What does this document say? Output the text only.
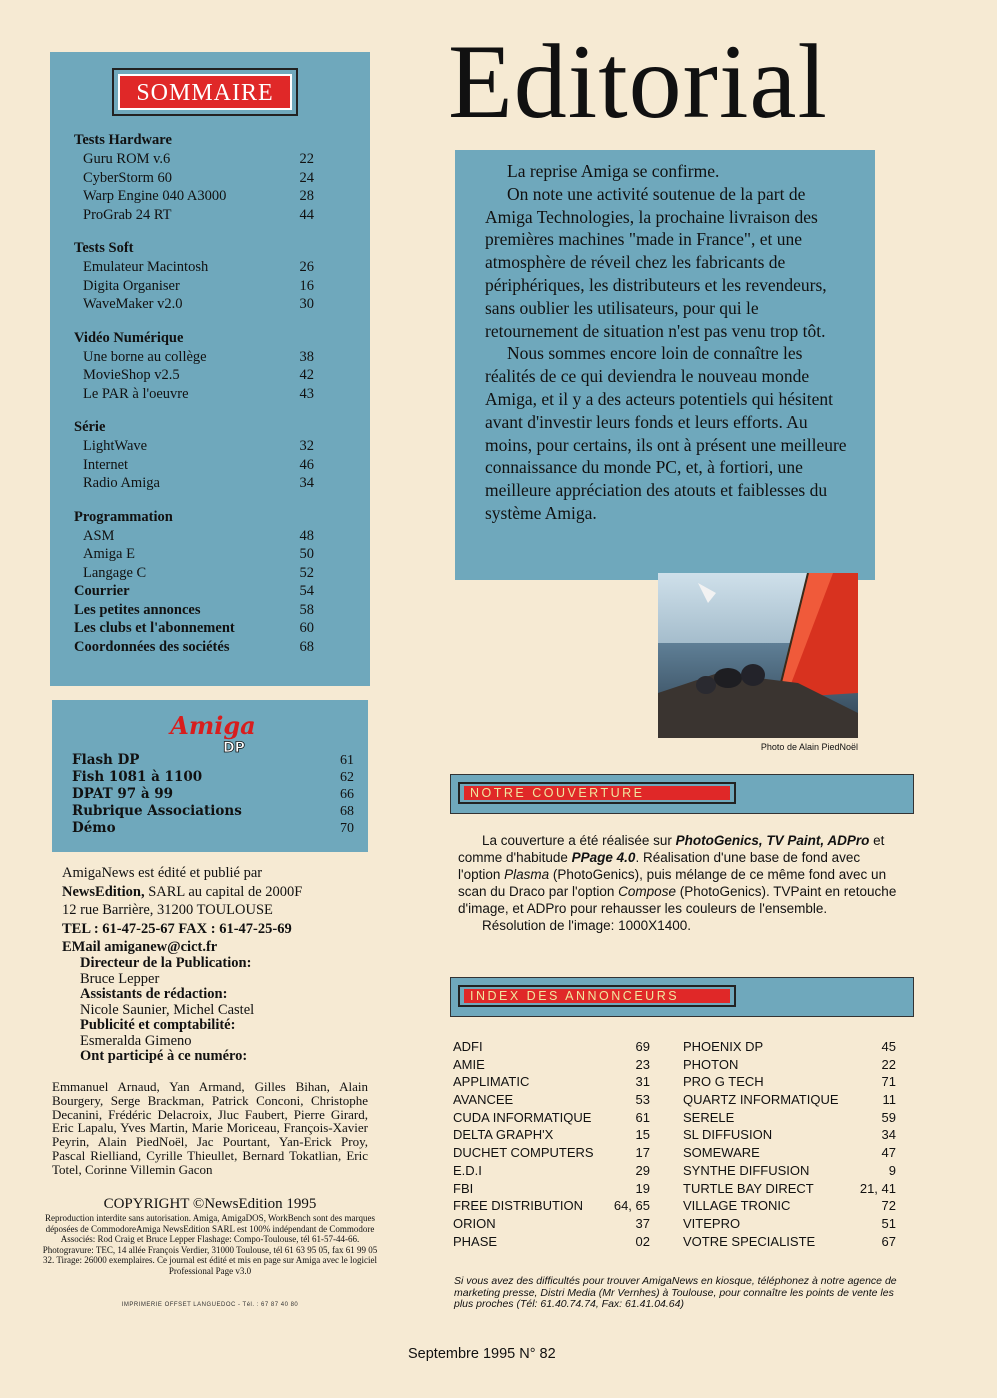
SOMMAIRE
Tests Hardware
Guru ROM v.6	22
CyberStorm 60	24
Warp Engine 040 A3000	28
ProGrab 24 RT	44
Tests Soft
Emulateur Macintosh	26
Digita Organiser	16
WaveMaker v2.0	30
Vidéo Numérique
Une borne au collège	38
MovieShop v2.5	42
Le PAR à l'oeuvre	43
Série
LightWave	32
Internet	46
Radio Amiga	34
Programmation
ASM	48
Amiga E	50
Langage C	52
Courrier	54
Les petites annonces	58
Les clubs et l'abonnement	60
Coordonnées des sociétés	68
Amiga
DP
Flash DP	61
Fish 1081 à 1100	62
DPAT 97 à 99	66
Rubrique Associations	68
Démo	70
AmigaNews est édité et publié par
NewsEdition, SARL au capital de 2000F
12 rue Barrière, 31200 TOULOUSE
TEL : 61-47-25-67 FAX : 61-47-25-69
EMail amiganew@cict.fr
Directeur de la Publication:
Bruce Lepper
Assistants de rédaction:
Nicole Saunier, Michel Castel
Publicité et comptabilité:
Esmeralda Gimeno
Ont participé à ce numéro:
Emmanuel Arnaud, Yan Armand, Gilles Bihan, Alain Bourgery, Serge Brackman, Patrick Conconi, Christophe Decanini, Frédéric Delacroix, Jluc Faubert, Pierre Girard, Eric Lapalu, Yves Martin, Marie Moriceau, François-Xavier Peyrin, Alain PiedNoël, Jac Pourtant, Yan-Erick Proy, Pascal Rielliand, Cyrille Thieullet, Bernard Tokatlian, Eric Totel, Corinne Villemin Gacon
COPYRIGHT ©NewsEdition 1995
Reproduction interdite sans autorisation. Amiga, AmigaDOS, WorkBench sont des marques déposées de CommodoreAmiga NewsEdition SARL est 100% indépendant de Commodore Associés: Rod Craig et Bruce Lepper Flashage: Compo-Toulouse, tél 61-57-44-66. Photogravure: TEC, 14 allée François Verdier, 31000 Toulouse, tél 61 63 95 05, fax 61 99 05 32. Tirage: 26000 exemplaires. Ce journal est édité et mis en page sur Amiga avec le logiciel Professional Page v3.0
IMPRIMERIE OFFSET LANGUEDOC - Tél. : 67 87 40 80
Editorial

La reprise Amiga se confirme.

On note une activité soutenue de la part de Amiga Technologies, la prochaine livraison des premières machines "made in France", et une atmosphère de réveil chez les fabricants de périphériques, les distributeurs et les revendeurs, sans oublier les utilisateurs, pour qui le retournement de situation n'est pas venu trop tôt.

Nous sommes encore loin de connaître les réalités de ce qui deviendra le nouveau monde Amiga, et il y a des acteurs potentiels qui hésitent avant d'investir leurs fonds et leurs efforts. Au moins, pour certains, ils ont à présent une meilleure connaissance du monde PC, et, à fortiori, une meilleure appréciation des atouts et faiblesses du système Amiga.

Photo de Alain PiedNoël
NOTRE COUVERTURE

La couverture a été réalisée sur PhotoGenics, TV Paint, ADPro et comme d'habitude PPage 4.0. Réalisation d'une base de fond avec l'option Plasma (PhotoGenics), puis mélange de ce même fond avec un scan du Draco par l'option Compose (PhotoGenics). TVPaint en retouche d'image, et ADPro pour rehausser les couleurs de l'ensemble.

Résolution de l'image: 1000X1400.

INDEX DES ANNONCEURS
ADFI	69
AMIE	23
APPLIMATIC	31
AVANCEE	53
CUDA INFORMATIQUE	61
DELTA GRAPH'X	15
DUCHET COMPUTERS	17
E.D.I	29
FBI	19
FREE DISTRIBUTION 64, 65
ORION	37
PHASE	02
PHOENIX DP	45
PHOTON	22
PRO G TECH	71
QUARTZ INFORMATIQUE	11
SERELE	59
SL DIFFUSION	34
SOMEWARE	47
SYNTHE DIFFUSION	9
TURTLE BAY DIRECT	21, 41
VILLAGE TRONIC	72
VITEPRO	51
VOTRE SPECIALISTE	67
Si vous avez des difficultés pour trouver AmigaNews en kiosque, téléphonez à notre agence de marketing presse, Distri Media (Mr Vernhes) à Toulouse, pour connaître les points de vente les plus proches (Tél: 61.40.74.74, Fax: 61.41.04.64)
Septembre 1995 N° 82
